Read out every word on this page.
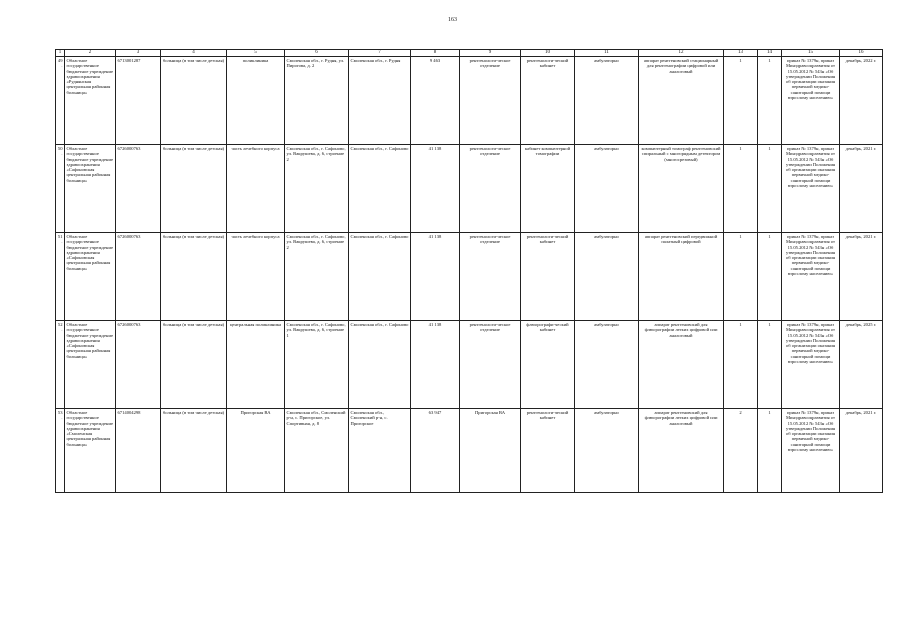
163
1	2	3	4	5	6	7	8	9	10	11	12	13	14	15	16
49.	Областное государственное бюджетное учреждение здравоохранения «Руднянская центральная районная больница»	6713001287	больница (в том числе детская)	поликлиника	Смоленская обл., г. Рудня, ул. Пирогова, д. 2	Смоленская обл., г. Рудня	9 463	рентгенологи-ческое отделение	рентгенологи-ческий кабинет	амбулаторно	аппарат рентгеновский стационарный для рентгенографии цифровой или аналоговый	1	1	приказ № 1379н, приказ Минздравсоцразвития от 15.05.2012 № 543н «Об утверждении Положения об организации оказания первичной медико-санитарной помощи взрослому населению»	декабрь, 2022 г.
50.	Областное государственное бюджетное учреждение здравоохранения «Сафоновская центральная районная больница»	6726000763	больница (в том числе детская)	часть лечебного корпуса	Смоленская обл., г. Сафоново, ул. Вакрушева, д. 6, строение 2	Смоленская обл., г. Сафоново	41 138	рентгенологи-ческое отделение	кабинет компьютерной томографии	амбулаторно	компьютерный томограф рентгеновский спиральный с многорядным детектором (многосрезовый)	1	1	приказ № 1379н, приказ Минздравсоцразвития от 15.05.2012 № 543н «Об утверждении Положения об организации оказания первичной медико-санитарной помощи взрослому населению»	декабрь, 2021 г.
51.	Областное государственное бюджетное учреждение здравоохранения «Сафоновская центральная районная больница»	6726000763	больница (в том числе детская)	часть лечебного корпуса	Смоленская обл., г. Сафоново, ул. Вакрушева, д. 6, строение 2	Смоленская обл., г. Сафоново	41 138	рентгенологи-ческое отделение	рентгенологи-ческий кабинет	амбулаторно	аппарат рентгеновский передвижной палатный цифровой	1	1	приказ № 1379н, приказ Минздравсоцразвития от 15.05.2012 № 543н «Об утверждении Положения об организации оказания первичной медико-санитарной помощи взрослому населению»	декабрь, 2021 г.
52.	Областное государственное бюджетное учреждение здравоохранения «Сафоновская центральная районная больница»	6726000763	больница (в том числе детская)	центральная поликлиника	Смоленская обл., г. Сафоново, ул. Вакрушева, д. 6, строение 1	Смоленская обл., г. Сафоново	41 138	рентгенологи-ческое отделение	флюорографи-ческий кабинет	амбулаторно	аппарат рентгеновский для флюорографии легких цифровой или аналоговый	1	1	приказ № 1379н, приказ Минздравсоцразвития от 15.05.2012 № 543н «Об утверждении Положения об организации оказания первичной медико-санитарной помощи взрослому населению»	декабрь, 2025 г.
53.	Областное государственное бюджетное учреждение здравоохранения «Смоленская центральная районная больница»	6714004298	больница (в том числе детская)	Пригорская ВА	Смоленская обл., Смоленский р-н, с. Пригорское, ул. Спортивная, д. 8	Смоленская обл., Смоленский р-н, с. Пригорское	63 947	Пригорская ВА	рентгенологи-ческий кабинет	амбулаторно	аппарат рентгеновский для флюорографии легких цифровой или аналоговый	2	1	приказ № 1379н, приказ Минздравсоцразвития от 15.05.2012 № 543н «Об утверждении Положения об организации оказания первичной медико-санитарной помощи взрослому населению»	декабрь, 2021 г.
